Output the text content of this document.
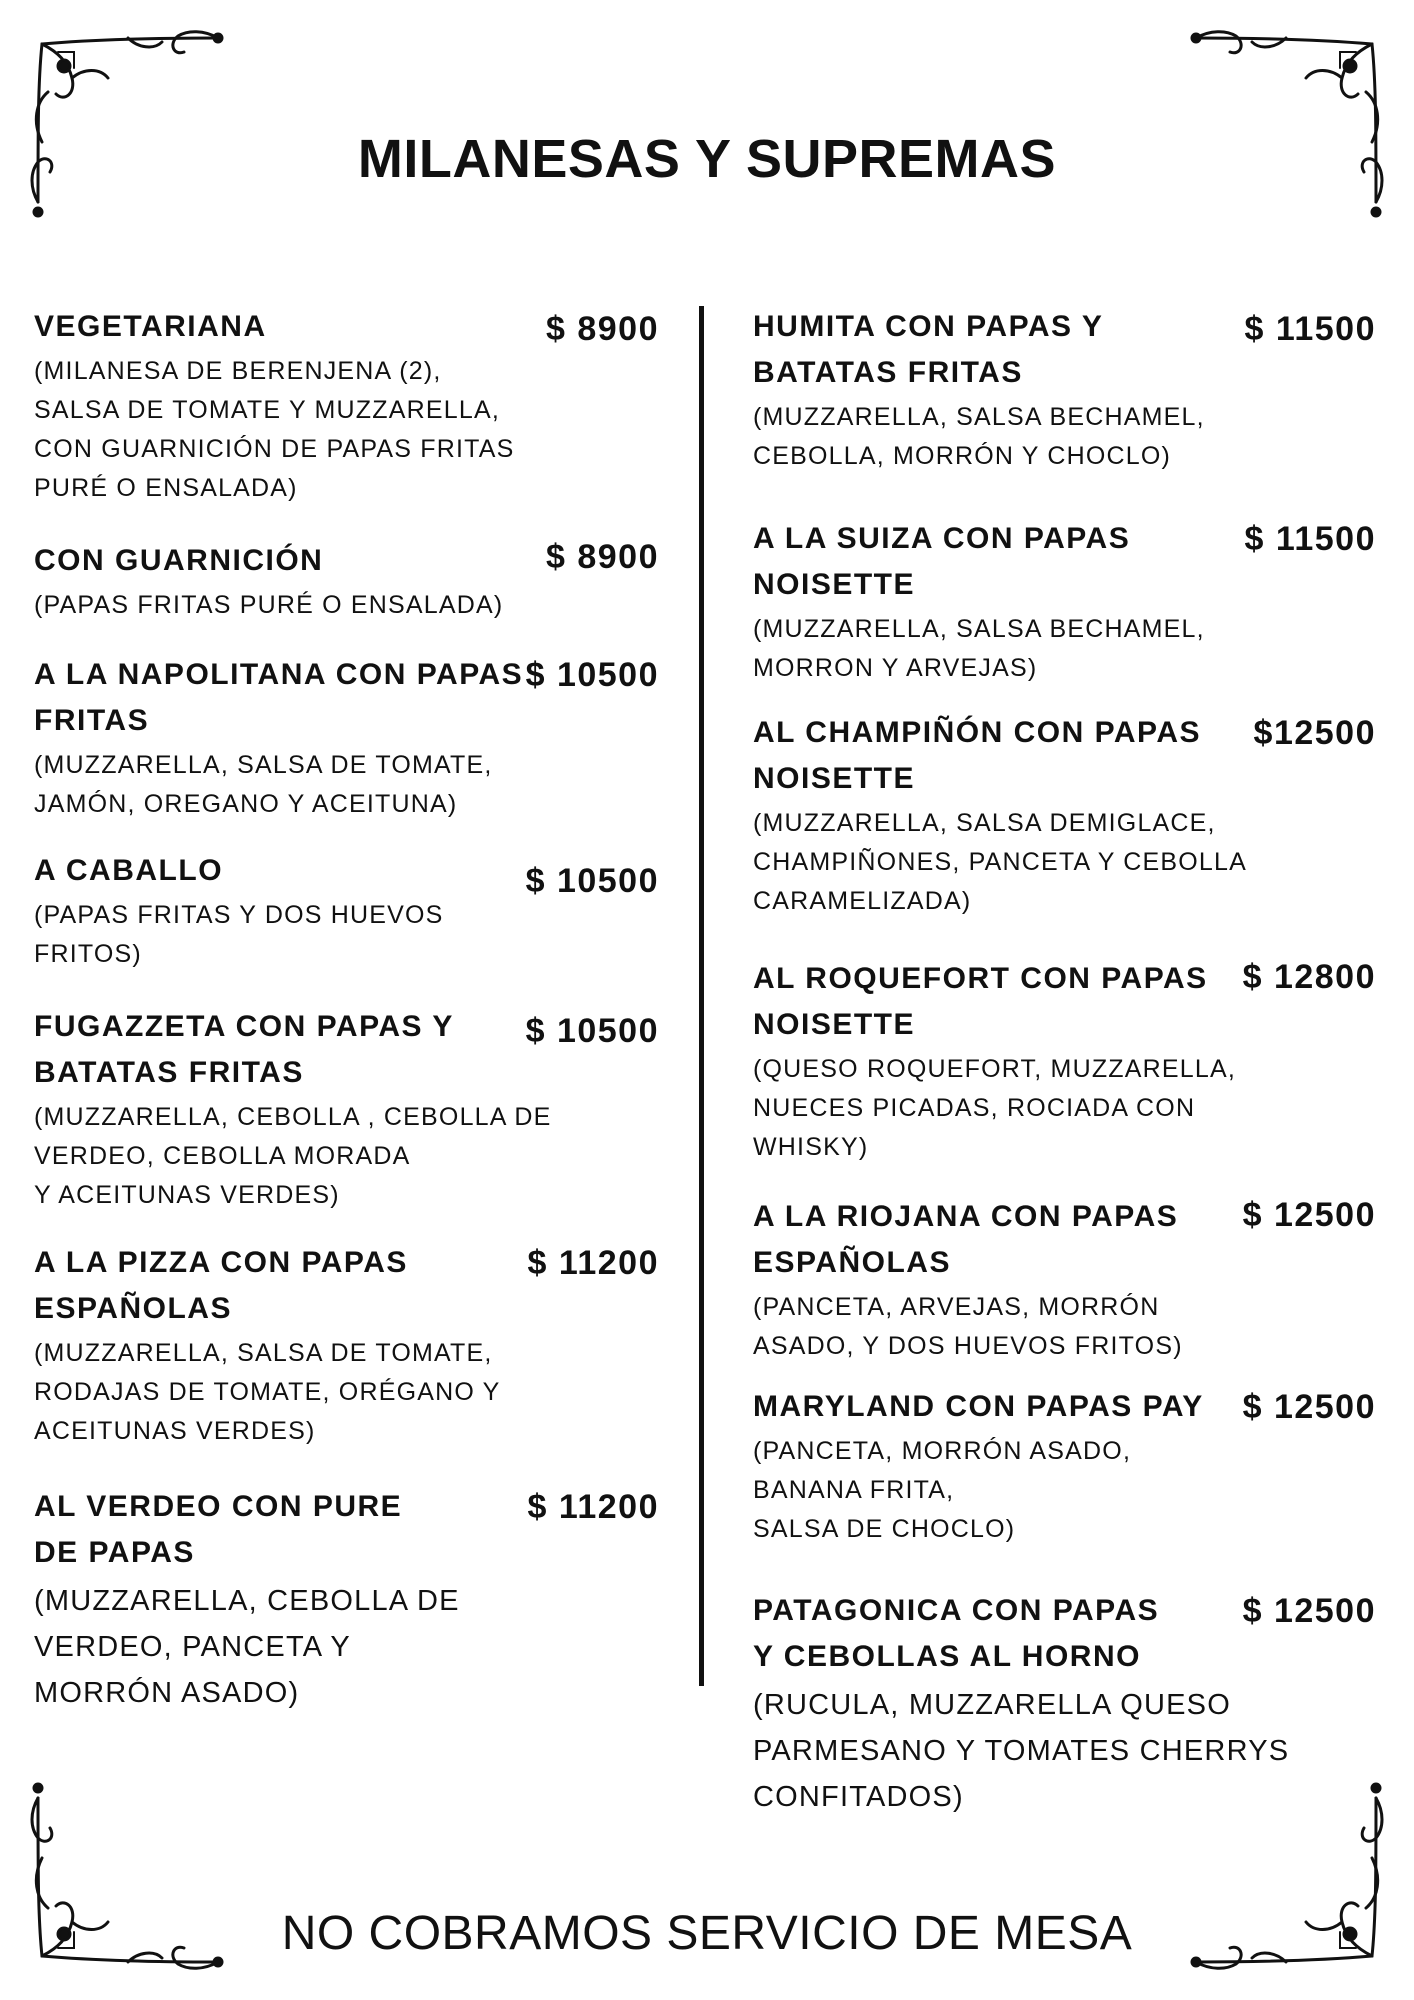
MILANESAS Y SUPREMAS
VEGETARIANA
(MILANESA DE BERENJENA (2),
SALSA DE TOMATE Y MUZZARELLA,
CON GUARNICIÓN DE PAPAS FRITAS
PURÉ O ENSALADA)
$ 8900
CON GUARNICIÓN
(PAPAS FRITAS PURÉ O ENSALADA)
$ 8900
A LA NAPOLITANA CON PAPAS
FRITAS
(MUZZARELLA, SALSA DE TOMATE,
JAMÓN, OREGANO Y ACEITUNA)
$ 10500
A CABALLO
(PAPAS FRITAS Y DOS HUEVOS
FRITOS)
$ 10500
FUGAZZETA CON PAPAS Y
BATATAS FRITAS
(MUZZARELLA, CEBOLLA , CEBOLLA DE
VERDEO, CEBOLLA MORADA
Y ACEITUNAS VERDES)
$ 10500
A LA PIZZA CON PAPAS
ESPAÑOLAS
(MUZZARELLA, SALSA DE TOMATE,
RODAJAS DE TOMATE, ORÉGANO Y
ACEITUNAS VERDES)
$ 11200
AL VERDEO CON PURE
DE PAPAS
(MUZZARELLA, CEBOLLA DE
VERDEO, PANCETA Y
MORRÓN ASADO)
$ 11200
HUMITA CON PAPAS Y
BATATAS FRITAS
(MUZZARELLA, SALSA BECHAMEL,
CEBOLLA, MORRÓN Y CHOCLO)
$ 11500
A LA SUIZA CON PAPAS
NOISETTE
(MUZZARELLA, SALSA BECHAMEL,
MORRON Y ARVEJAS)
$ 11500
AL CHAMPIÑÓN CON PAPAS
NOISETTE
(MUZZARELLA, SALSA DEMIGLACE,
CHAMPIÑONES, PANCETA Y CEBOLLA
CARAMELIZADA)
$12500
AL ROQUEFORT CON PAPAS
NOISETTE
(QUESO ROQUEFORT, MUZZARELLA,
NUECES PICADAS, ROCIADA CON
WHISKY)
$ 12800
A LA RIOJANA CON PAPAS
ESPAÑOLAS
(PANCETA, ARVEJAS, MORRÓN
ASADO, Y DOS HUEVOS FRITOS)
$ 12500
MARYLAND CON PAPAS PAY
(PANCETA, MORRÓN ASADO,
BANANA FRITA,
SALSA DE CHOCLO)
$ 12500
PATAGONICA CON PAPAS
Y CEBOLLAS AL HORNO
(RUCULA, MUZZARELLA QUESO
PARMESANO Y TOMATES CHERRYS
CONFITADOS)
$ 12500
NO COBRAMOS SERVICIO DE MESA
